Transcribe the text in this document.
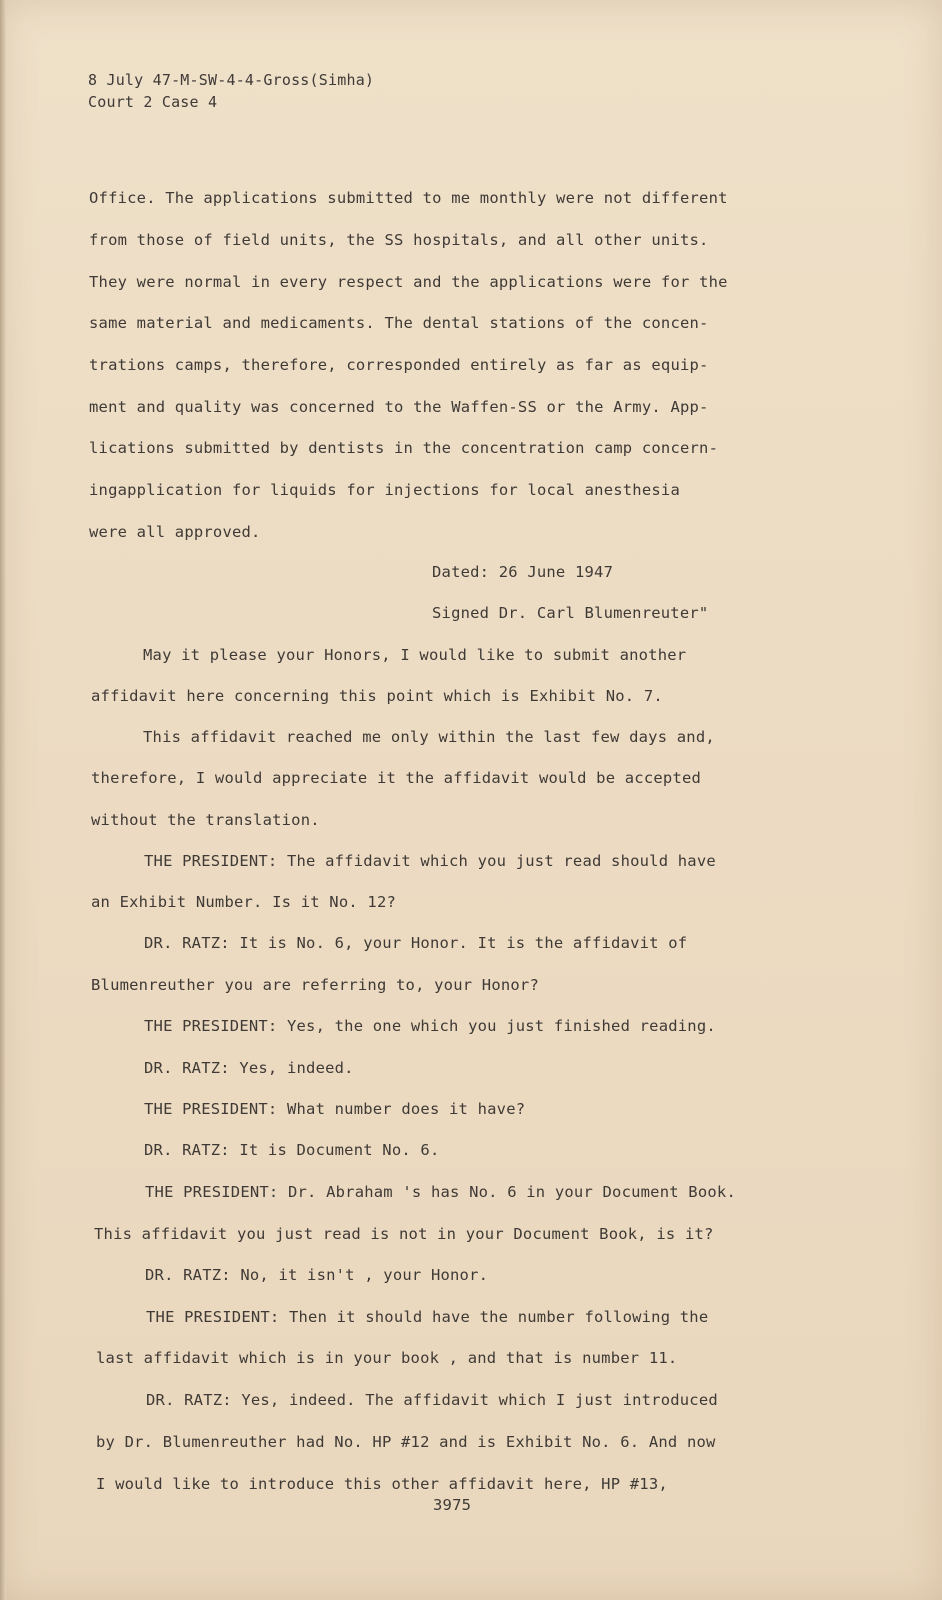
8 July 47-M-SW-4-4-Gross(Simha)
Court 2 Case 4
Office. The applications submitted to me monthly were not different
from those of field units, the SS hospitals, and all other units.
They were normal in every respect and the applications were for the
same material and medicaments. The dental stations of the concen-
trations camps, therefore, corresponded entirely as far as equip-
ment and quality was concerned to the Waffen-SS or the Army. App-
lications submitted by dentists in the concentration camp concern-
ingapplication for liquids for injections for local anesthesia
were all approved.
Dated: 26 June 1947
Signed Dr. Carl Blumenreuter"
May it please your Honors, I would like to submit another
affidavit here concerning this point which is Exhibit No. 7.
This affidavit reached me only within the last few days and,
therefore, I would appreciate it the affidavit would be accepted
without the translation.
THE PRESIDENT: The affidavit which you just read should have
an Exhibit Number. Is it No. 12?
DR. RATZ: It is No. 6, your Honor. It is the affidavit of
Blumenreuther you are referring to, your Honor?
THE PRESIDENT: Yes, the one which you just finished reading.
DR. RATZ: Yes, indeed.
THE PRESIDENT: What number does it have?
DR. RATZ: It is Document No. 6.
THE PRESIDENT: Dr. Abraham 's has No. 6 in your Document Book.
This affidavit you just read is not in your Document Book, is it?
DR. RATZ: No, it isn't , your Honor.
THE PRESIDENT: Then it should have the number following the
last affidavit which is in your book , and that is number 11.
DR. RATZ: Yes, indeed. The affidavit which I just introduced
by Dr. Blumenreuther had No. HP #12 and is Exhibit No. 6. And now
I would like to introduce this other affidavit here, HP #13,
3975
